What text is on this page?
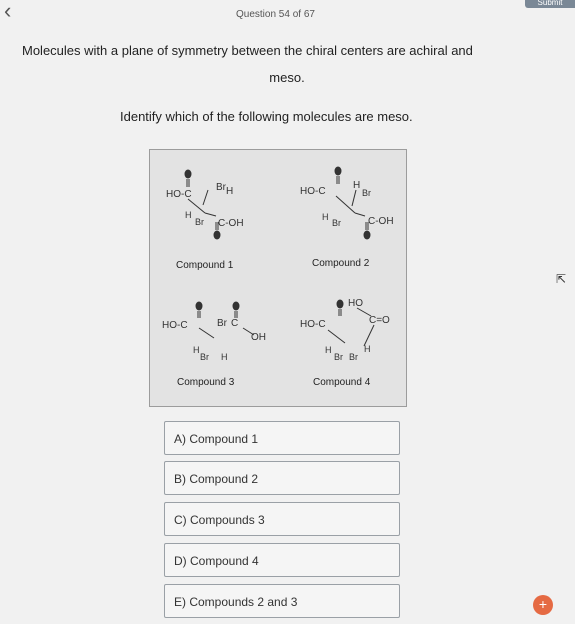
‹	Question 54 of 67
Submit
Molecules with a plane of symmetry between the chiral centers are achiral and
meso.
Identify which of the following molecules are meso.
HO-C
Br H
H
Br C-OH
HO-C
H
Br
H
Br	C-OH
HO-C	Br C
OH
H
Br H
HO
HO-C	C=O
H
Br Br
H
Compound 1	Compound 2
Compound 3	Compound 4
A) Compound 1
B) Compound 2
C) Compounds 3
D) Compound 4
E) Compounds 2 and 3	+
⇱
